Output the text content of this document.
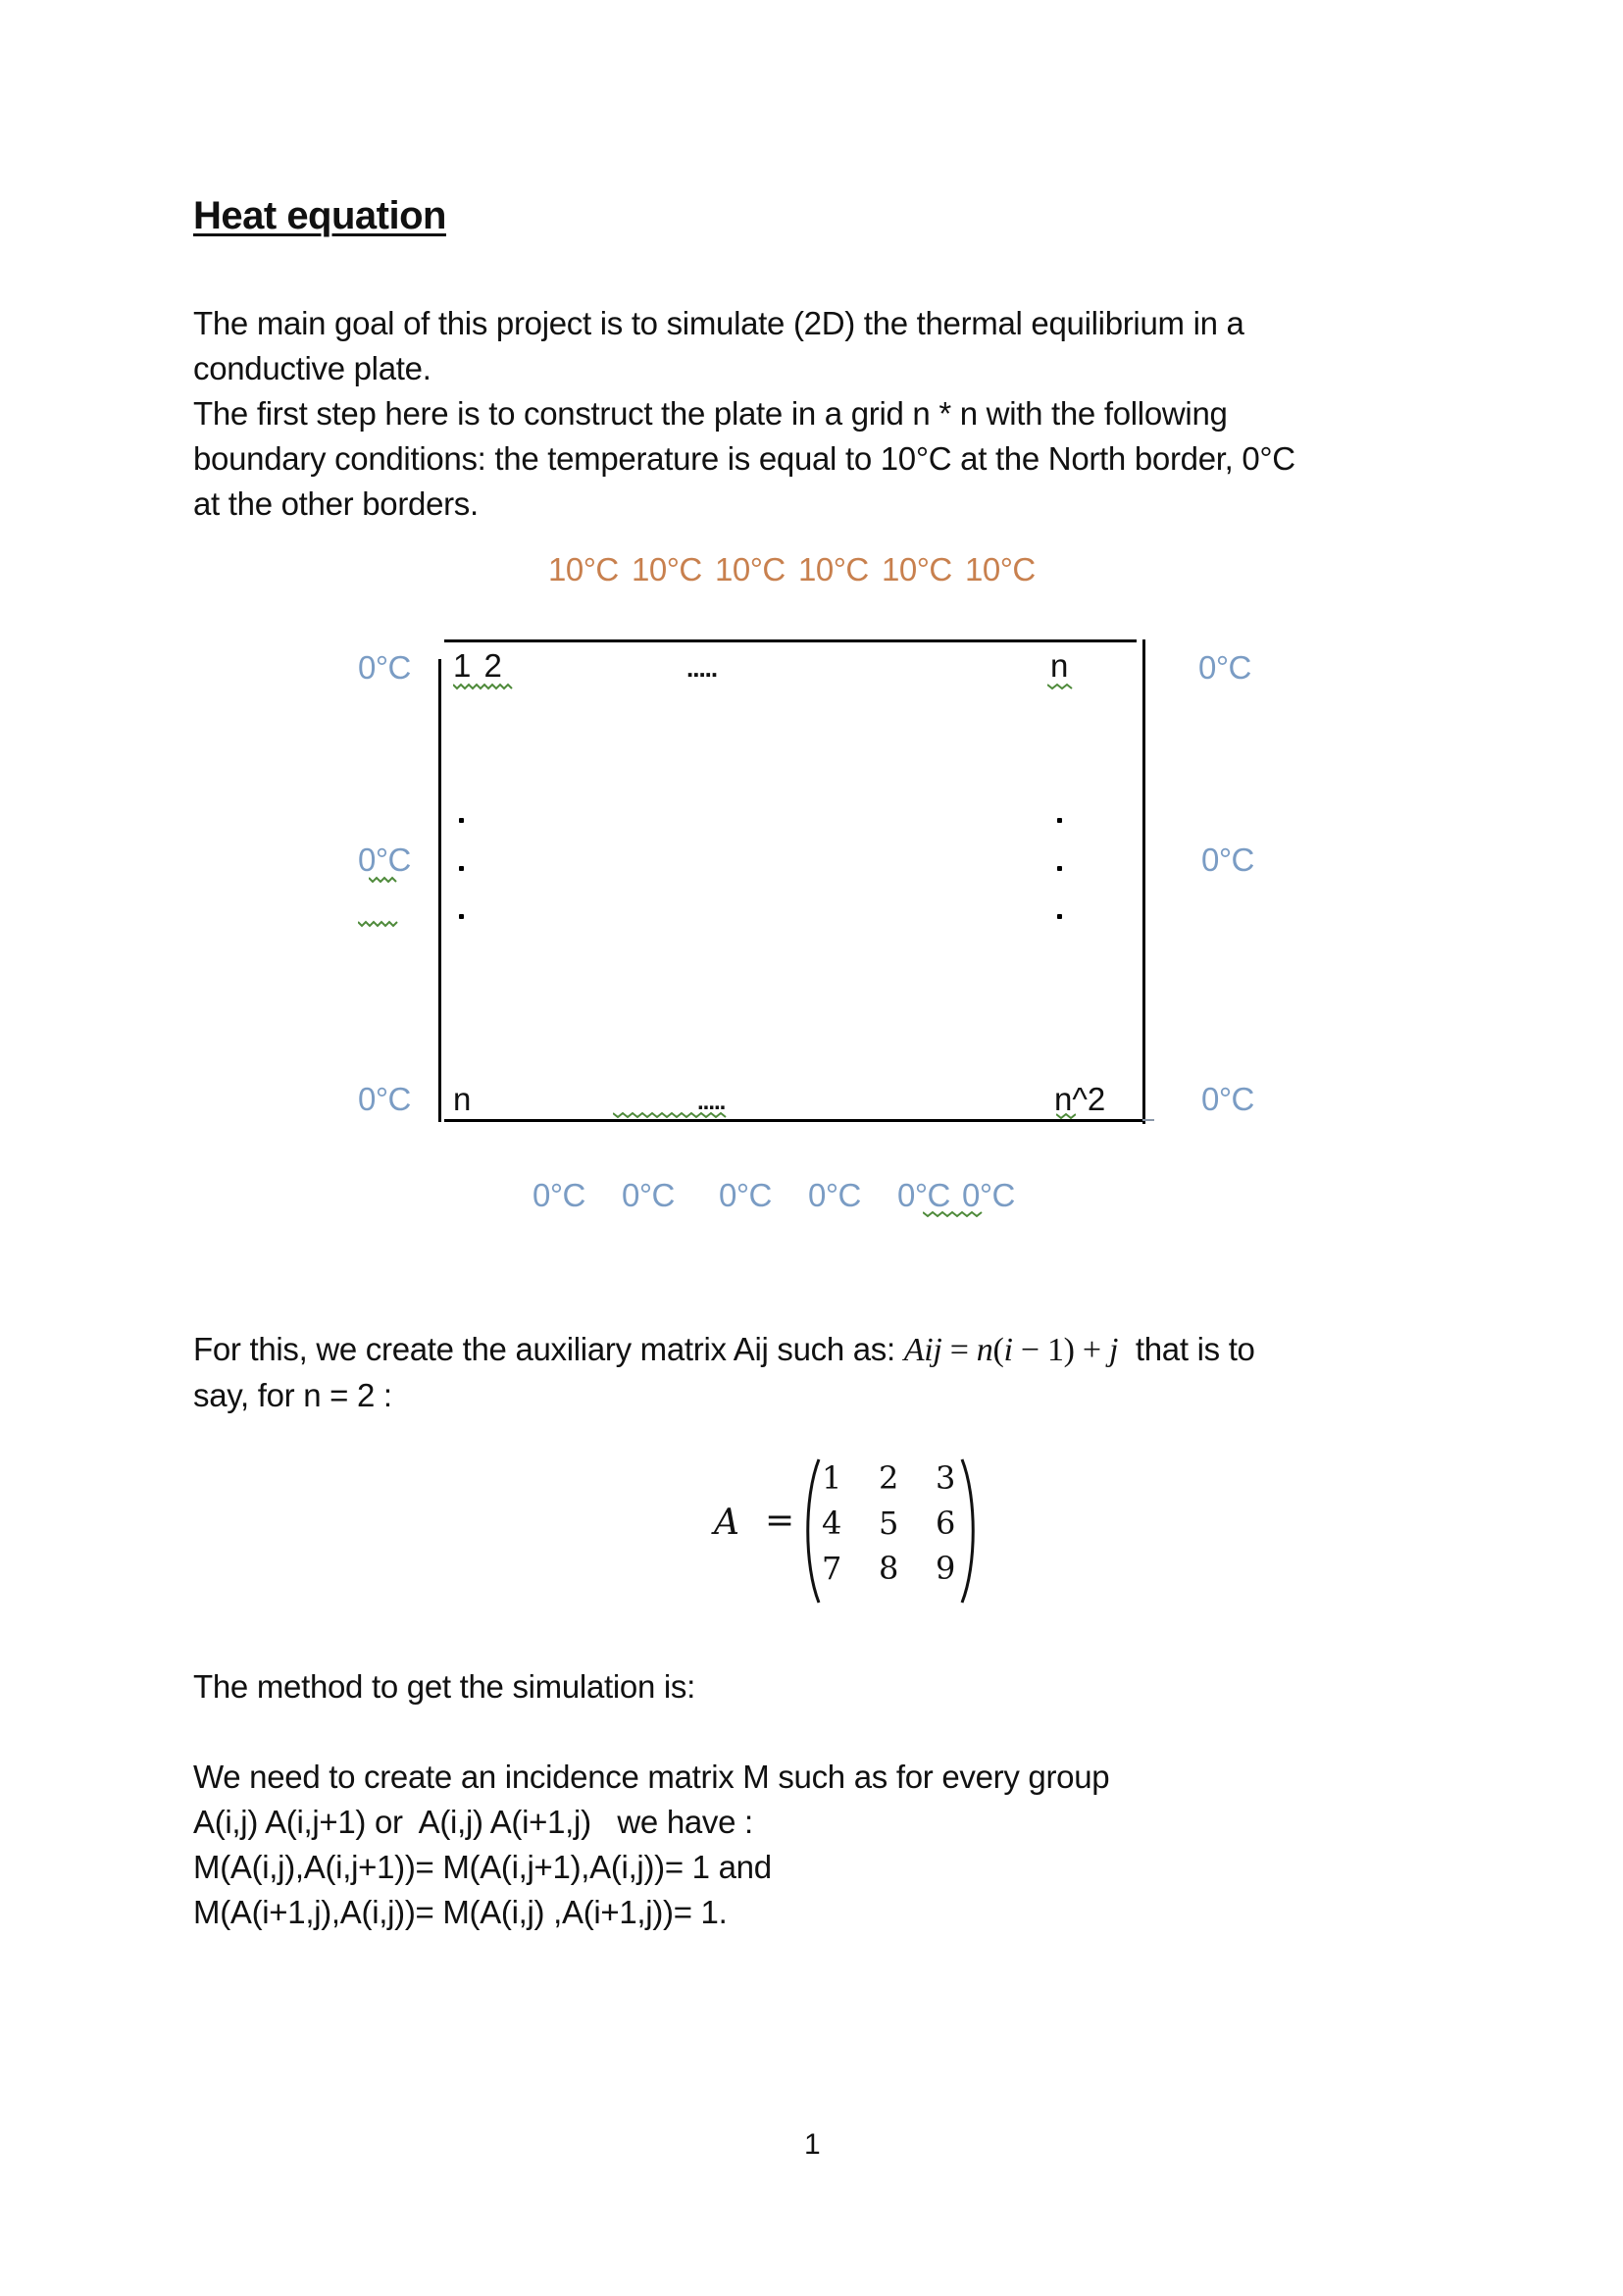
Heat equation
The main goal of this project is to simulate (2D) the thermal equilibrium in a
conductive plate.
The first step here is to construct the plate in a grid n * n with the following
boundary conditions: the temperature is equal to 10°C at the North border, 0°C
at the other borders.
10°C 10°C 10°C 10°C 10°C 10°C
0°C
0°C
0°C
0°C
0°C
0°C
0°C 0°C 0°C 0°C 0°C 0°C
1 2	.....	n
n	.....	n^2
For this, we create the auxiliary matrix Aij such as: Aij = n(i − 1) + j  that is to
say, for n = 2 :
A =
1	2	3
4	5	6
7	8	9
The method to get the simulation is:
We need to create an incidence matrix M such as for every group
A(i,j) A(i,j+1) or  A(i,j) A(i+1,j)   we have :
M(A(i,j),A(i,j+1))= M(A(i,j+1),A(i,j))= 1 and
M(A(i+1,j),A(i,j))= M(A(i,j) ,A(i+1,j))= 1.
1
